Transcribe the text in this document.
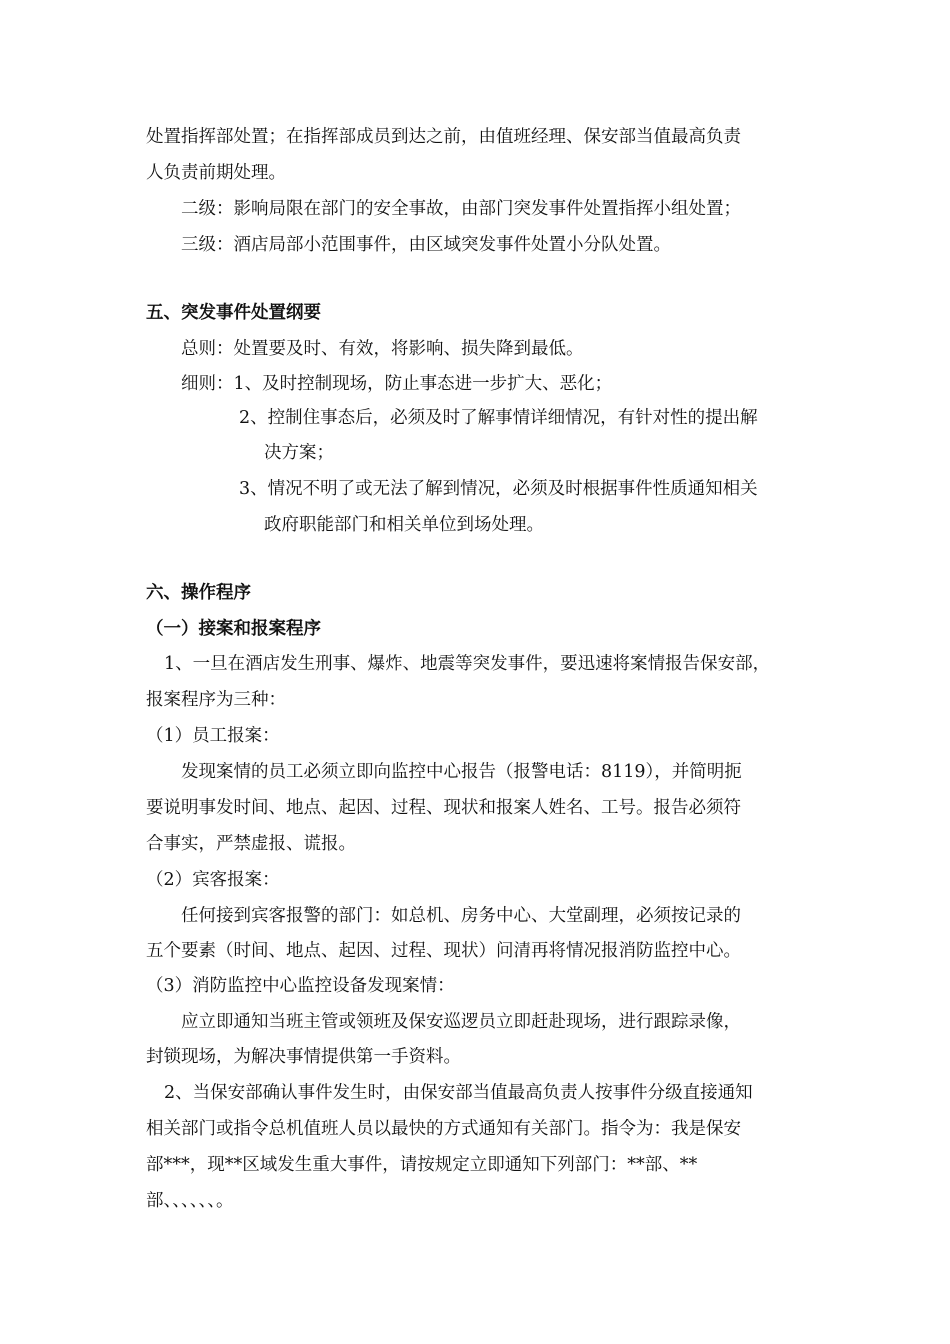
处置指挥部处置；在指挥部成员到达之前，由值班经理、保安部当值最高负责
人负责前期处理。
二级：影响局限在部门的安全事故，由部门突发事件处置指挥小组处置；
三级：酒店局部小范围事件，由区域突发事件处置小分队处置。
五、突发事件处置纲要
总则：处置要及时、有效，将影响、损失降到最低。
细则：1、及时控制现场，防止事态进一步扩大、恶化；
2、控制住事态后，必须及时了解事情详细情况，有针对性的提出解
决方案；
3、情况不明了或无法了解到情况，必须及时根据事件性质通知相关
政府职能部门和相关单位到场处理。
六、操作程序
（一）接案和报案程序
1、一旦在酒店发生刑事、爆炸、地震等突发事件，要迅速将案情报告保安部，
报案程序为三种：
（1）员工报案：
发现案情的员工必须立即向监控中心报告（报警电话：8119），并简明扼
要说明事发时间、地点、起因、过程、现状和报案人姓名、工号。报告必须符
合事实，严禁虚报、谎报。
（2）宾客报案：
任何接到宾客报警的部门：如总机、房务中心、大堂副理，必须按记录的
五个要素（时间、地点、起因、过程、现状）问清再将情况报消防监控中心。
（3）消防监控中心监控设备发现案情：
应立即通知当班主管或领班及保安巡逻员立即赶赴现场，进行跟踪录像，
封锁现场，为解决事情提供第一手资料。
2、当保安部确认事件发生时，由保安部当值最高负责人按事件分级直接通知
相关部门或指令总机值班人员以最快的方式通知有关部门。指令为：我是保安
部***，现**区域发生重大事件，请按规定立即通知下列部门：**部、**
部、、、、、、。
